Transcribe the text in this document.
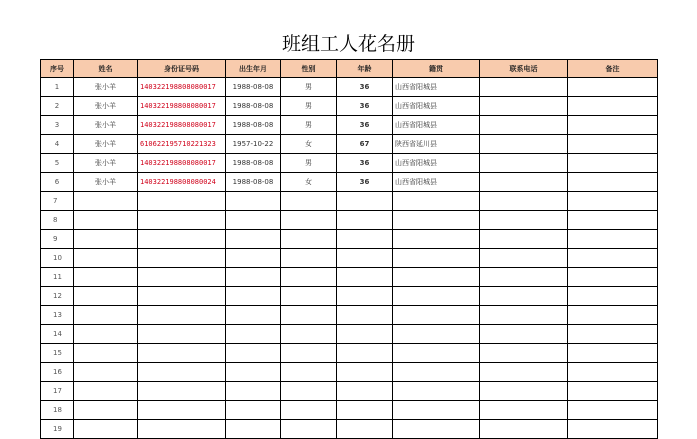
班组工人花名册
序号	姓名	身份证号码	出生年月	性别	年龄	籍贯	联系电话	备注
1	张小羊	140322198808080017	1988-08-08	男	36	山西省阳城县		
2	张小羊	140322198808080017	1988-08-08	男	36	山西省阳城县		
3	张小羊	140322198808080017	1988-08-08	男	36	山西省阳城县		
4	张小羊	610622195710221323	1957-10-22	女	67	陕西省延川县		
5	张小羊	140322198808080017	1988-08-08	男	36	山西省阳城县		
6	张小羊	140322198808080024	1988-08-08	女	36	山西省阳城县		
7								
8								
9								
10								
11								
12								
13								
14								
15								
16								
17								
18								
19								
